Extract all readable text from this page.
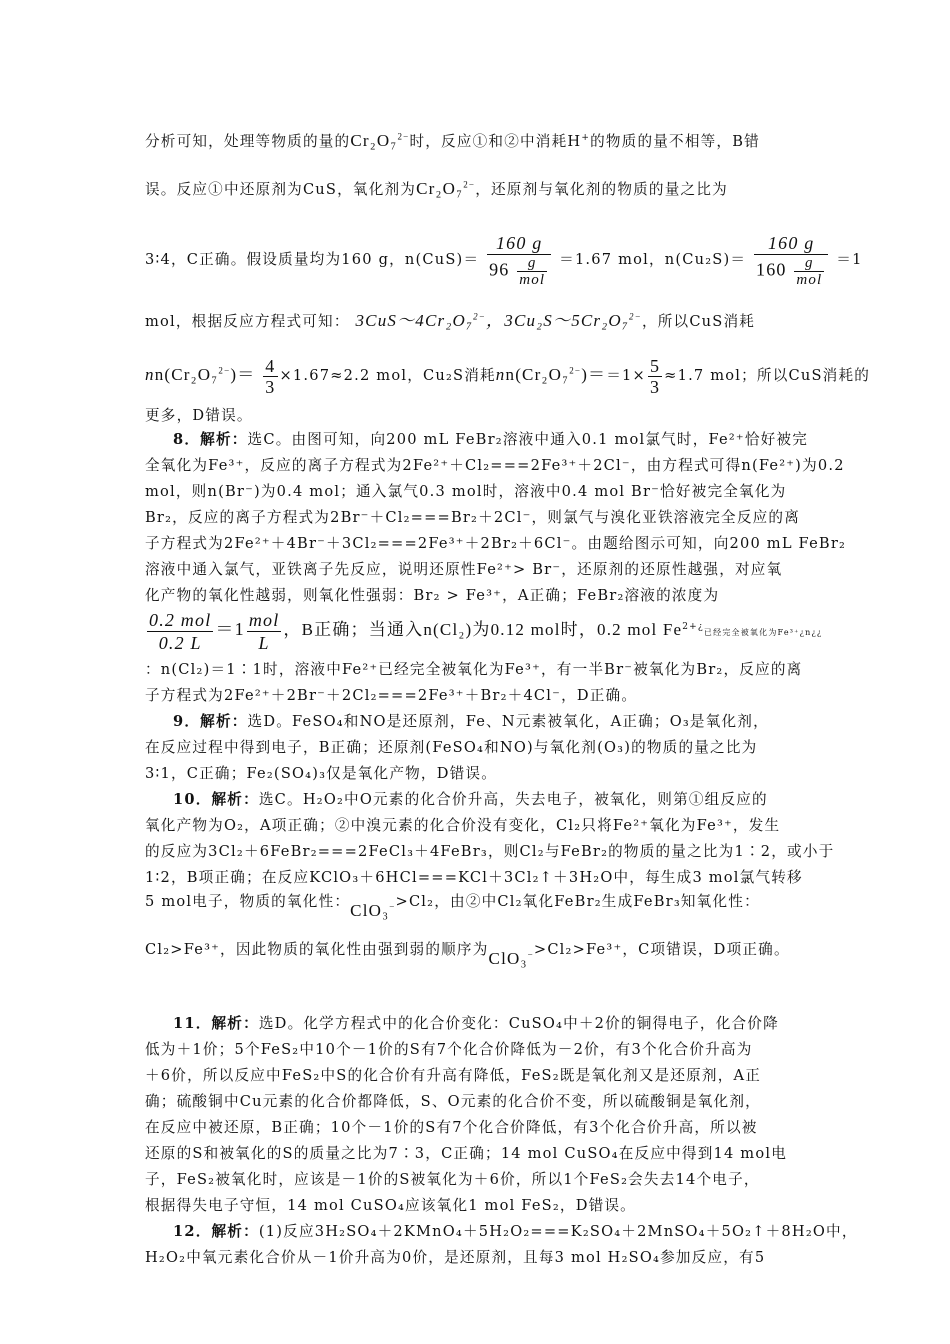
分析可知，处理等物质的量的Cr₂O₇$^{2-}$时，反应①和②中消耗H+的物质的量不相等，B错
误。反应①中还原剂为CuS，氧化剂为Cr₂O₇$^{2-}$，还原剂与氧化剂的物质的量之比为
3∶4，C正确。假设质量均为160 g，$n(CuS)= \frac{160 g}{96 \frac{g}{\text{mol}}} =1.67$ mol，$n(Cu_2S)= \frac{160 g}{160 \frac{g}{\text{mol}}} =1$
mol，根据反应方程式可知： 3CuS～4Cr₂O₇$^{2-}$，3Cu₂S～5Cr₂O₇$^{2-}$，所以CuS消耗
$nn(Cr_2O_7^{2-})= \frac{4}{3} \times 1.67\approx 2.2$ mol，Cu₂S消耗$nn(Cr_2O_7^{2-})==1\times \frac{5}{3} \approx 1.7$ mol；所以CuS消耗的
更多，D错误。
8．解析：选C。由图可知，向200 mL FeBr₂溶液中通入0.1 mol氯气时，Fe²⁺恰好被完
全氧化为Fe³⁺，反应的离子方程式为2Fe²⁺＋Cl₂===2Fe³⁺＋2Cl⁻，由方程式可得n(Fe²⁺)为0.2
mol，则n(Br⁻)为0.4 mol；通入氯气0.3 mol时，溶液中0.4 mol Br⁻恰好被完全氧化为
Br₂，反应的离子方程式为2Br⁻＋Cl₂===Br₂＋2Cl⁻，则氯气与溴化亚铁溶液完全反应的离
子方程式为2Fe²⁺＋4Br⁻＋3Cl₂===2Fe³⁺＋2Br₂＋6Cl⁻。由题给图示可知，向200 mL FeBr₂
溶液中通入氯气，亚铁离子先反应，说明还原性Fe²⁺> Br⁻，还原剂的还原性越强，对应氧
化产物的氧化性越弱，则氧化性强弱：Br₂ > Fe³⁺，A正确；FeBr₂溶液的浓度为
$\frac{\text{0.2 mol}}{0.2 L} =1 \frac{\text{mol}}{L}$ ，B正确；当通入n(Cl₂)为0.12 mol时，0.2 mol $Fe^{2+¿}$已经完全被氧化为Fe³⁺¿n¿¿
：n(Cl₂)＝1∶1时，溶液中Fe²⁺已经完全被氧化为Fe³⁺，有一半Br⁻被氧化为Br₂，反应的离
子方程式为2Fe²⁺＋2Br⁻＋2Cl₂===2Fe³⁺＋Br₂＋4Cl⁻，D正确。
9．解析：选D。FeSO₄和NO是还原剂，Fe、N元素被氧化，A正确；O₃是氧化剂，
在反应过程中得到电子，B正确；还原剂(FeSO₄和NO)与氧化剂(O₃)的物质的量之比为
3∶1，C正确；Fe₂(SO₄)₃仅是氧化产物，D错误。
10．解析：选C。H₂O₂中O元素的化合价升高，失去电子，被氧化，则第①组反应的
氧化产物为O₂，A项正确；②中溴元素的化合价没有变化，Cl₂只将Fe²⁺氧化为Fe³⁺，发生
的反应为3Cl₂＋6FeBr₂===2FeCl₃＋4FeBr₃，则Cl₂与FeBr₂的物质的量之比为1∶2，或小于
1∶2，B项正确；在反应KClO₃＋6HCl===KCl＋3Cl₂↑＋3H₂O中，每生成3 mol氯气转移
5 mol电子，物质的氧化性：ClO₃−>Cl₂，由②中Cl₂氧化FeBr₂生成FeBr₃知氧化性：
Cl₂>Fe³⁺，因此物质的氧化性由强到弱的顺序为ClO₃−>Cl₂>Fe³⁺，C项错误，D项正确。
11．解析：选D。化学方程式中的化合价变化：CuSO₄中＋2价的铜得电子，化合价降
低为＋1价；5个FeS₂中10个－1价的S有7个化合价降低为－2价，有3个化合价升高为
＋6价，所以反应中FeS₂中S的化合价有升高有降低，FeS₂既是氧化剂又是还原剂，A正
确；硫酸铜中Cu元素的化合价都降低，S、O元素的化合价不变，所以硫酸铜是氧化剂，
在反应中被还原，B正确；10个－1价的S有7个化合价降低，有3个化合价升高，所以被
还原的S和被氧化的S的质量之比为7∶3，C正确；14 mol CuSO₄在反应中得到14 mol电
子，FeS₂被氧化时，应该是－1价的S被氧化为＋6价，所以1个FeS₂会失去14个电子，
根据得失电子守恒，14 mol CuSO₄应该氧化1 mol FeS₂，D错误。
12．解析：(1)反应3H₂SO₄＋2KMnO₄＋5H₂O₂===K₂SO₄＋2MnSO₄＋5O₂↑＋8H₂O中，
H₂O₂中氧元素化合价从－1价升高为0价，是还原剂，且每3 mol H₂SO₄参加反应，有5
